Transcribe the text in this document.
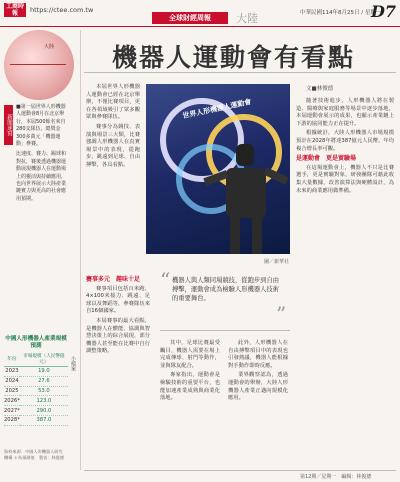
工商時報	https://ctee.com.tw
全球財經周報	大陸	中華民國114年8月25日 / 星期一
D7
大陸
新聞速寫

■第一屆世界人形機器人運動會8月在北京舉行，本屆500餘名來自280支隊伍，總獎金300多萬元「機器運動」參賽。

比速度、賽力、踢球和對抗，賽後透過機器運動展現機器人在運動場上的靈活與持續應用，也向世界展示大陸產業鏈實力與更高的社會應用預期。

中國人形機器人產業規模預測
年份	市場規模（人民幣億元）
2023	19.0
2024	27.6
2025	53.0
2026*	123.0
2027*	290.0
2028*	387.0
小檔案
資料來源：中國人形機器人研究機構 ＊為預測值　製表：林俊德
機器人運動會有看點
文■林俊德

本屆世界人形機器人運動會已經在北京舉辦，不僅比賽項目，更在各領域吸引了眾多觀眾與參賽隊伍。

賽事分為競技、表演與場景三大類，比賽強調人形機器人在真實場景中的表現，從跑步、跳遠到足球、自由搏擊，各具看點。

賽事多元　趣味十足

賽事項目包括百米跑、4×100米接力、跳遠、足球以及舞蹈等，參賽隊伍來自16個國家。

本屆賽事的最大看點，是機器人在體能、協調與智慧決策上的綜合展現，部分機器人甚至能在比賽中自行調整策略。

世界人形機器人運動會
圖／新華社
“ 機器人與人類同場競技，從跑步到自由搏擊，運動會成為檢驗人形機器人技術的重要舞台。
”

其中，足球比賽最受矚目，機器人需要在場上完成傳球、射門等動作，並與隊友配合。

專家指出，運動會是檢驗技術的重要平台，也能加速產業成熟與商業化落地。

此外，人形機器人在自由搏擊項目中的表現也引發熱議，機器人能根據對手動作即時反應。

業界觀察認為，透過運動會的舉辦，大陸人形機器人產業正邁向規模化應用。

隨著技術進步，人形機器人將在製造、醫療與家庭服務等場景中逐步落地，本屆運動會展示的成果，也顯示產業鏈上下游的協同能力正在提升。

根據統計，大陸人形機器人市場規模預計在2028年將達387億元人民幣，年均複合增長率可觀。

是運動會　更是實驗場

在這場運動會上，機器人不只是比賽選手，更是實驗對象，研發團隊可藉此收集大量數據，改善演算法與硬體設計，為未來的商業應用做準備。

第12期／星期一　編輯：林俊德
